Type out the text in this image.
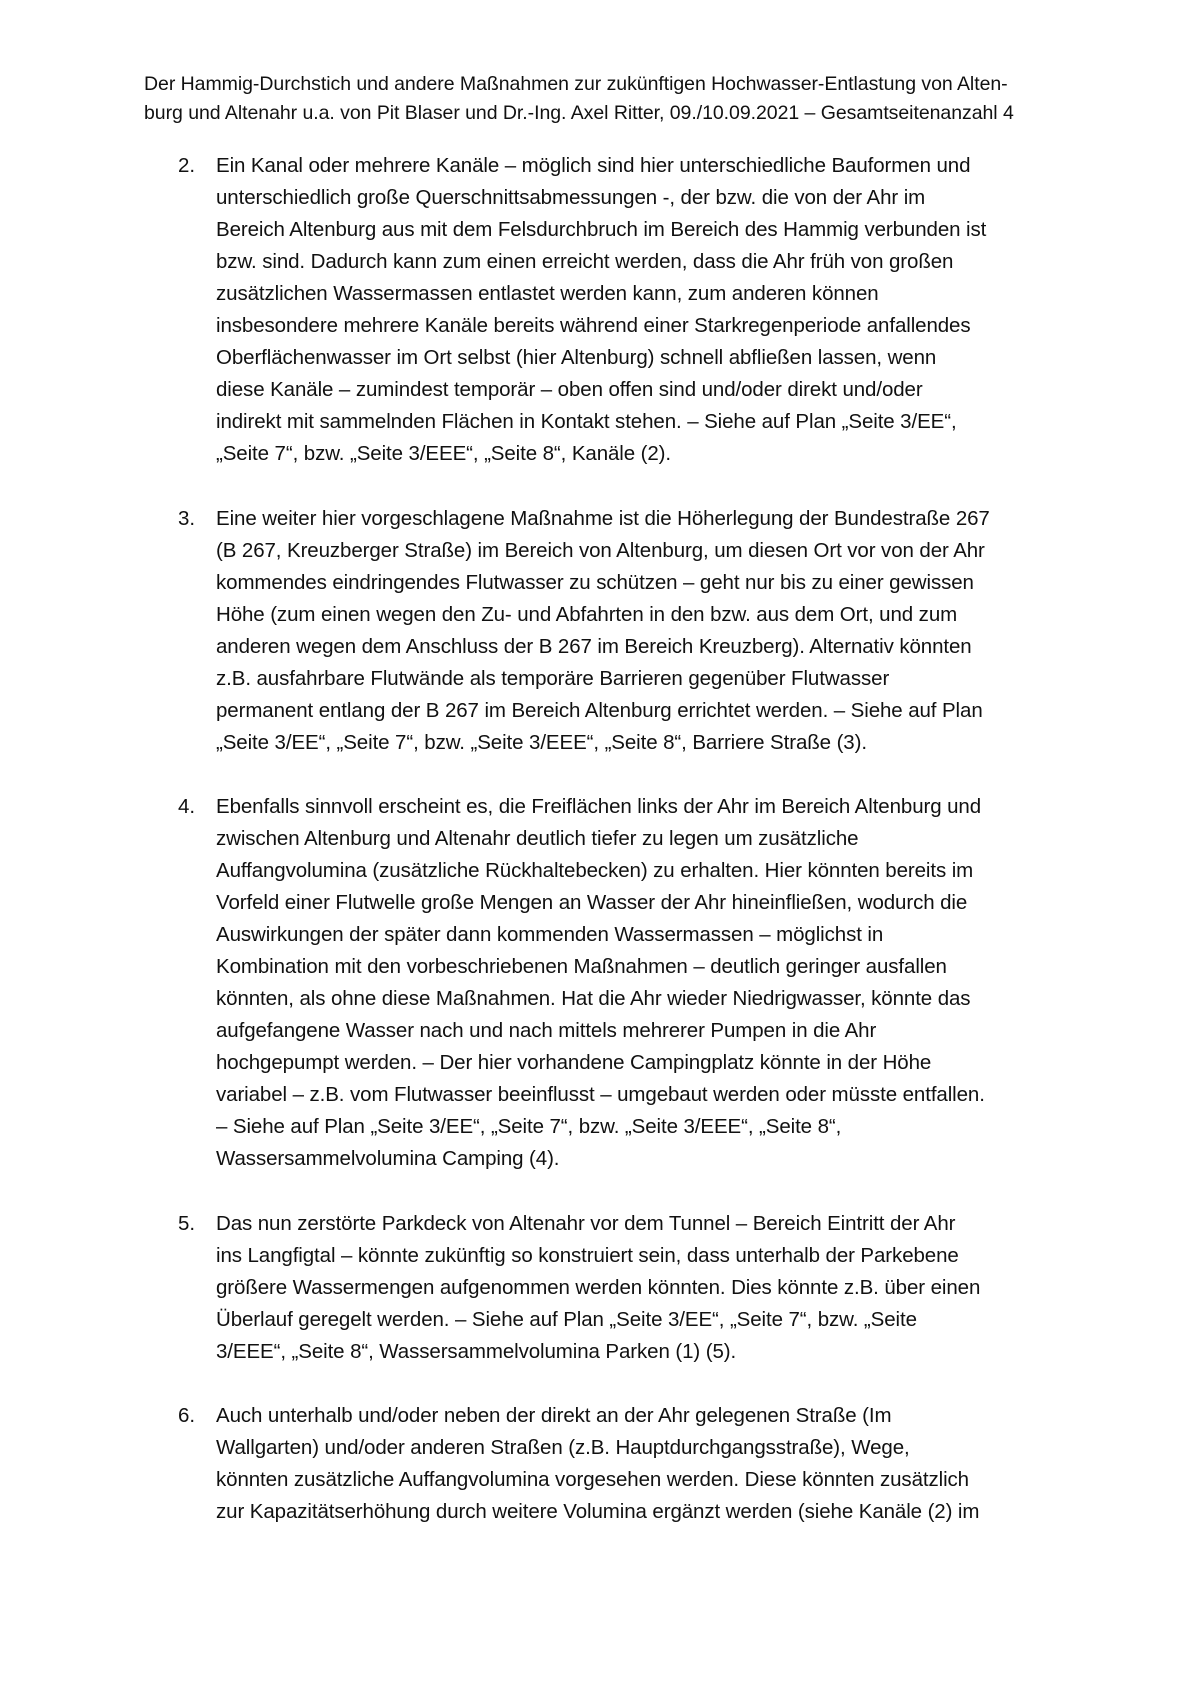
Der Hammig-Durchstich und andere Maßnahmen zur zukünftigen Hochwasser-Entlastung von Alten-
burg und Altenahr u.a. von Pit Blaser und Dr.-Ing. Axel Ritter, 09./10.09.2021 – Gesamtseitenanzahl 4
2. Ein Kanal oder mehrere Kanäle – möglich sind hier unterschiedliche Bauformen und
unterschiedlich große Querschnittsabmessungen -, der bzw. die von der Ahr im
Bereich Altenburg aus mit dem Felsdurchbruch im Bereich des Hammig verbunden ist
bzw. sind. Dadurch kann zum einen erreicht werden, dass die Ahr früh von großen
zusätzlichen Wassermassen entlastet werden kann, zum anderen können
insbesondere mehrere Kanäle bereits während einer Starkregenperiode anfallendes
Oberflächenwasser im Ort selbst (hier Altenburg) schnell abfließen lassen, wenn
diese Kanäle – zumindest temporär – oben offen sind und/oder direkt und/oder
indirekt mit sammelnden Flächen in Kontakt stehen. – Siehe auf Plan „Seite 3/EE“,
„Seite 7“, bzw. „Seite 3/EEE“, „Seite 8“, Kanäle (2).
3. Eine weiter hier vorgeschlagene Maßnahme ist die Höherlegung der Bundestraße 267
(B 267, Kreuzberger Straße) im Bereich von Altenburg, um diesen Ort vor von der Ahr
kommendes eindringendes Flutwasser zu schützen – geht nur bis zu einer gewissen
Höhe (zum einen wegen den Zu- und Abfahrten in den bzw. aus dem Ort, und zum
anderen wegen dem Anschluss der B 267 im Bereich Kreuzberg). Alternativ könnten
z.B. ausfahrbare Flutwände als temporäre Barrieren gegenüber Flutwasser
permanent entlang der B 267 im Bereich Altenburg errichtet werden. – Siehe auf Plan
„Seite 3/EE“, „Seite 7“, bzw. „Seite 3/EEE“, „Seite 8“, Barriere Straße (3).
4. Ebenfalls sinnvoll erscheint es, die Freiflächen links der Ahr im Bereich Altenburg und
zwischen Altenburg und Altenahr deutlich tiefer zu legen um zusätzliche
Auffangvolumina (zusätzliche Rückhaltebecken) zu erhalten. Hier könnten bereits im
Vorfeld einer Flutwelle große Mengen an Wasser der Ahr hineinfließen, wodurch die
Auswirkungen der später dann kommenden Wassermassen – möglichst in
Kombination mit den vorbeschriebenen Maßnahmen – deutlich geringer ausfallen
könnten, als ohne diese Maßnahmen. Hat die Ahr wieder Niedrigwasser, könnte das
aufgefangene Wasser nach und nach mittels mehrerer Pumpen in die Ahr
hochgepumpt werden. – Der hier vorhandene Campingplatz könnte in der Höhe
variabel – z.B. vom Flutwasser beeinflusst – umgebaut werden oder müsste entfallen.
– Siehe auf Plan „Seite 3/EE“, „Seite 7“, bzw. „Seite 3/EEE“, „Seite 8“,
Wassersammelvolumina Camping (4).
5. Das nun zerstörte Parkdeck von Altenahr vor dem Tunnel – Bereich Eintritt der Ahr
ins Langfigtal – könnte zukünftig so konstruiert sein, dass unterhalb der Parkebene
größere Wassermengen aufgenommen werden könnten. Dies könnte z.B. über einen
Überlauf geregelt werden. – Siehe auf Plan „Seite 3/EE“, „Seite 7“, bzw. „Seite
3/EEE“, „Seite 8“, Wassersammelvolumina Parken (1) (5).
6. Auch unterhalb und/oder neben der direkt an der Ahr gelegenen Straße (Im
Wallgarten) und/oder anderen Straßen (z.B. Hauptdurchgangsstraße), Wege,
könnten zusätzliche Auffangvolumina vorgesehen werden. Diese könnten zusätzlich
zur Kapazitätserhöhung durch weitere Volumina ergänzt werden (siehe Kanäle (2) im
